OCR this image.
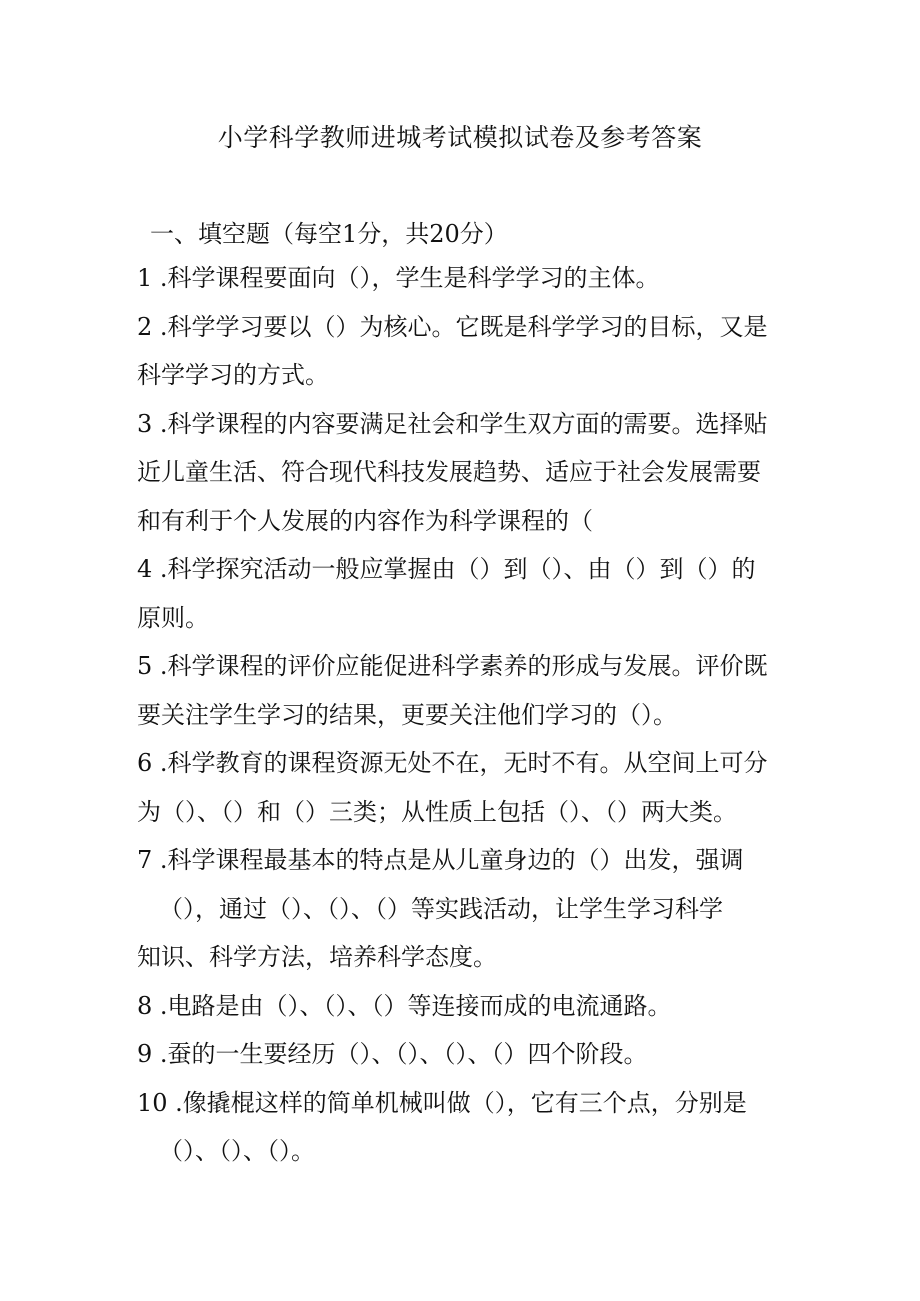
小学科学教师进城考试模拟试卷及参考答案

一、填空题（每空1分，共20分）

1 .科学课程要面向（），学生是科学学习的主体。
2 .科学学习要以（）为核心。它既是科学学习的目标，又是
科学学习的方式。
3 .科学课程的内容要满足社会和学生双方面的需要。选择贴
近儿童生活、符合现代科技发展趋势、适应于社会发展需要
和有利于个人发展的内容作为科学课程的（
4 .科学探究活动一般应掌握由（）到（）、由（）到（）的
原则。
5 .科学课程的评价应能促进科学素养的形成与发展。评价既
要关注学生学习的结果，更要关注他们学习的（）。
6 .科学教育的课程资源无处不在，无时不有。从空间上可分
为（）、（）和（）三类；从性质上包括（）、（）两大类。
7 .科学课程最基本的特点是从儿童身边的（）出发，强调
（），通过（）、（）、（）等实践活动，让学生学习科学
知识、科学方法，培养科学态度。
8 .电路是由（）、（）、（）等连接而成的电流通路。
9 .蚕的一生要经历（）、（）、（）、（）四个阶段。
10 .像撬棍这样的简单机械叫做（），它有三个点，分别是
（）、（）、（）。
